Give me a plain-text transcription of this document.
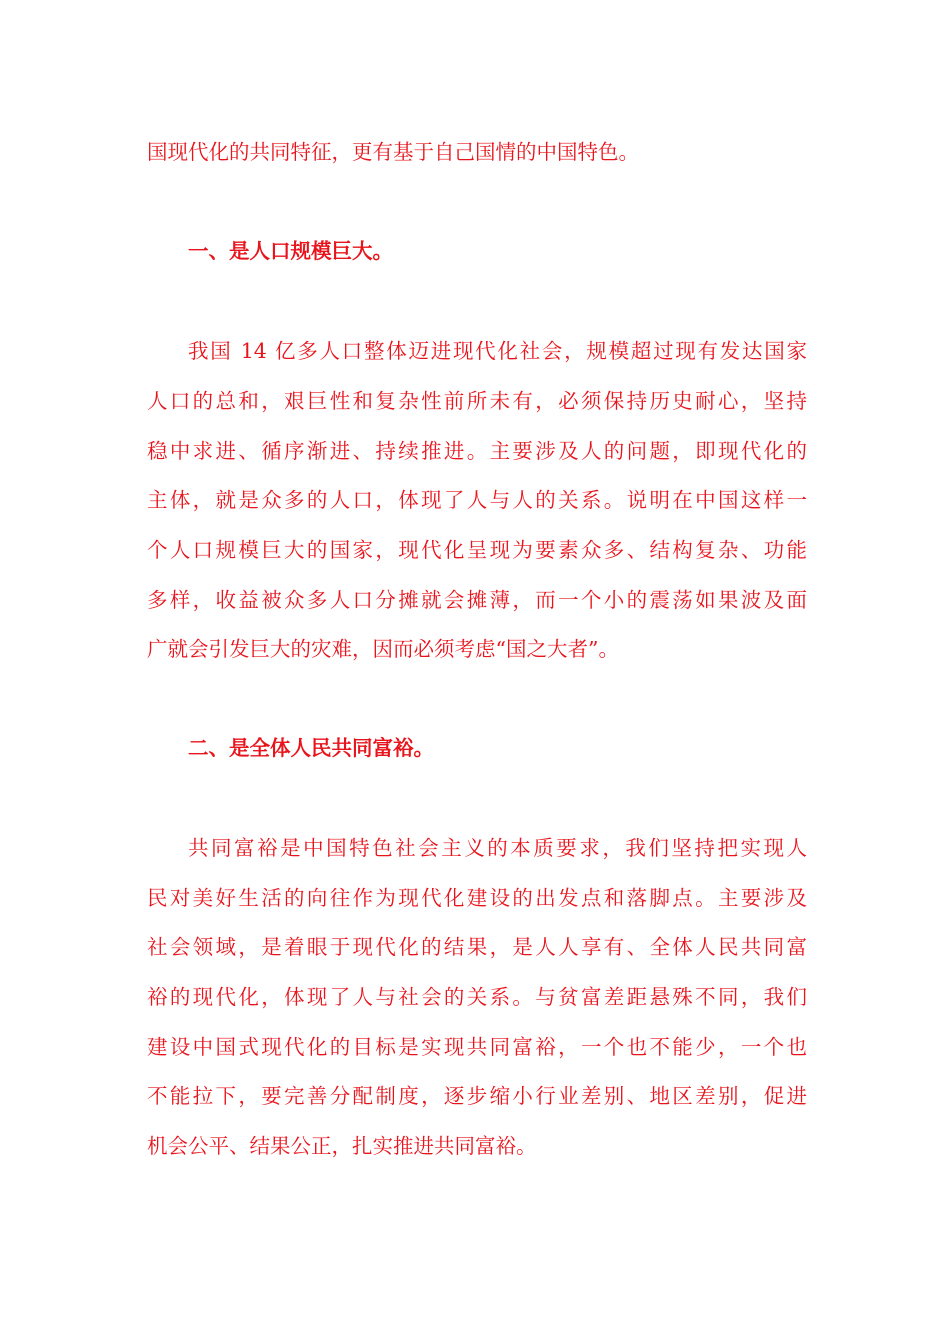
国现代化的共同特征，更有基于自己国情的中国特色。
一、是人口规模巨大。
我国 14 亿多人口整体迈进现代化社会，规模超过现有发达国家
人口的总和，艰巨性和复杂性前所未有，必须保持历史耐心，坚持
稳中求进、循序渐进、持续推进。主要涉及人的问题，即现代化的
主体，就是众多的人口，体现了人与人的关系。说明在中国这样一
个人口规模巨大的国家，现代化呈现为要素众多、结构复杂、功能
多样，收益被众多人口分摊就会摊薄，而一个小的震荡如果波及面
广就会引发巨大的灾难，因而必须考虑“国之大者”。
二、是全体人民共同富裕。
共同富裕是中国特色社会主义的本质要求，我们坚持把实现人
民对美好生活的向往作为现代化建设的出发点和落脚点。主要涉及
社会领域，是着眼于现代化的结果，是人人享有、全体人民共同富
裕的现代化，体现了人与社会的关系。与贫富差距悬殊不同，我们
建设中国式现代化的目标是实现共同富裕，一个也不能少，一个也
不能拉下，要完善分配制度，逐步缩小行业差别、地区差别，促进
机会公平、结果公正，扎实推进共同富裕。
